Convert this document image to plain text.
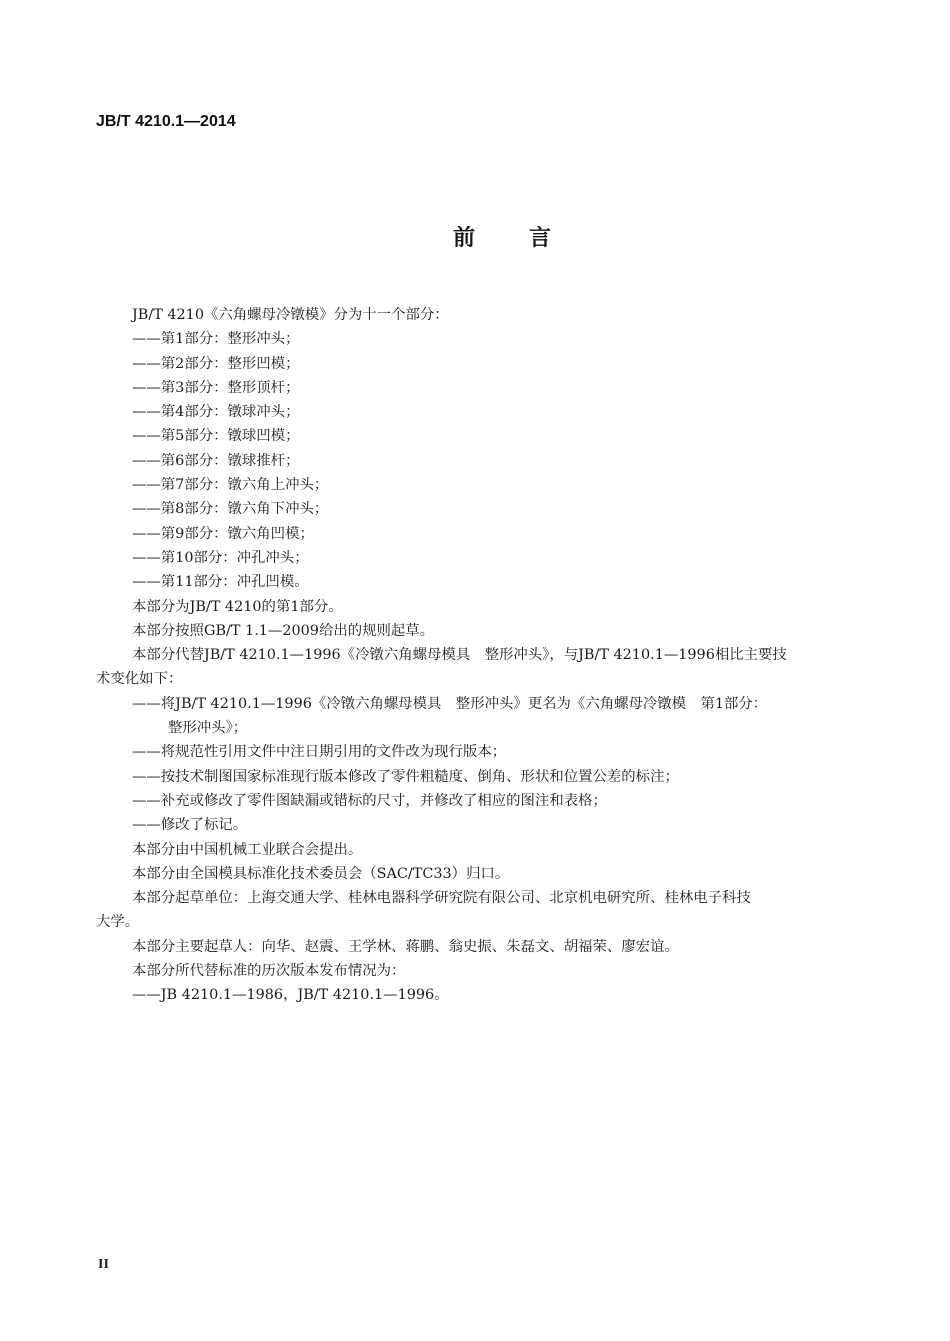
JB/T 4210.1—2014
前言
JB/T 4210《六角螺母冷镦模》分为十一个部分：
——第1部分：整形冲头；
——第2部分：整形凹模；
——第3部分：整形顶杆；
——第4部分：镦球冲头；
——第5部分：镦球凹模；
——第6部分：镦球推杆；
——第7部分：镦六角上冲头；
——第8部分：镦六角下冲头；
——第9部分：镦六角凹模；
——第10部分：冲孔冲头；
——第11部分：冲孔凹模。
本部分为JB/T 4210的第1部分。
本部分按照GB/T 1.1—2009给出的规则起草。
本部分代替JB/T 4210.1—1996《冷镦六角螺母模具　整形冲头》，与JB/T 4210.1—1996相比主要技
术变化如下：
——将JB/T 4210.1—1996《冷镦六角螺母模具　整形冲头》更名为《六角螺母冷镦模　第1部分：
整形冲头》；
——将规范性引用文件中注日期引用的文件改为现行版本；
——按技术制图国家标准现行版本修改了零件粗糙度、倒角、形状和位置公差的标注；
——补充或修改了零件图缺漏或错标的尺寸，并修改了相应的图注和表格；
——修改了标记。
本部分由中国机械工业联合会提出。
本部分由全国模具标准化技术委员会（SAC/TC33）归口。
本部分起草单位：上海交通大学、桂林电器科学研究院有限公司、北京机电研究所、桂林电子科技
大学。
本部分主要起草人：向华、赵震、王学林、蒋鹏、翁史振、朱磊文、胡福荣、廖宏谊。
本部分所代替标准的历次版本发布情况为：
——JB 4210.1—1986，JB/T 4210.1—1996。
II
